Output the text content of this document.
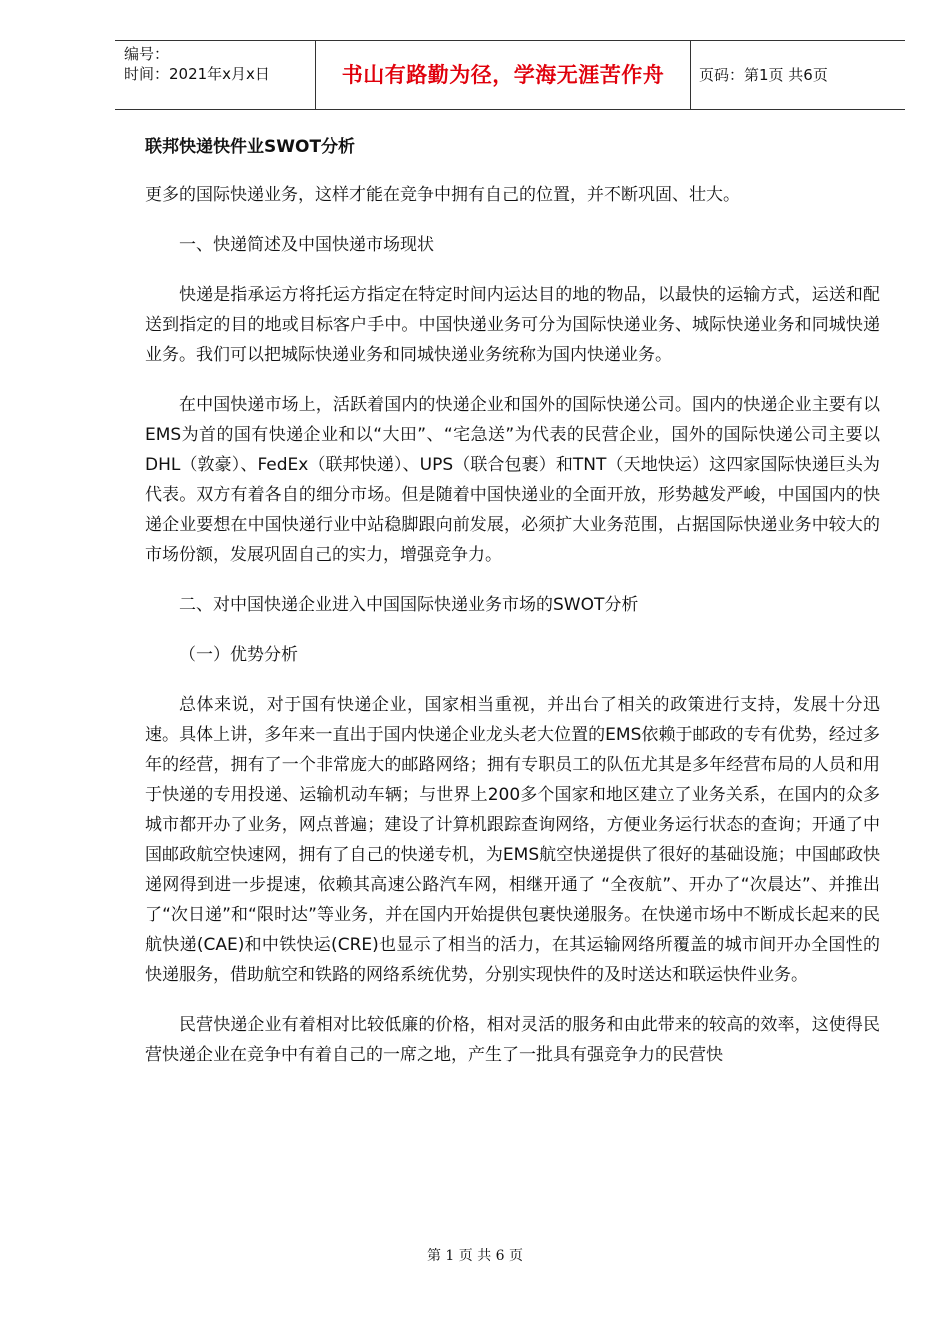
编号：
时间：2021年x月x日	书山有路勤为径，学海无涯苦作舟	页码：第1页 共6页
联邦快递快件业SWOT分析

更多的国际快递业务，这样才能在竞争中拥有自己的位置，并不断巩固、壮大。

一、快递简述及中国快递市场现状

快递是指承运方将托运方指定在特定时间内运达目的地的物品，以最快的运输方式，运送和配送到指定的目的地或目标客户手中。中国快递业务可分为国际快递业务、城际快递业务和同城快递业务。我们可以把城际快递业务和同城快递业务统称为国内快递业务。

在中国快递市场上，活跃着国内的快递企业和国外的国际快递公司。国内的快递企业主要有以EMS为首的国有快递企业和以“大田”、“宅急送”为代表的民营企业，国外的国际快递公司主要以DHL（敦豪）、FedEx（联邦快递）、UPS（联合包裹）和TNT（天地快运）这四家国际快递巨头为代表。双方有着各自的细分市场。但是随着中国快递业的全面开放，形势越发严峻，中国国内的快递企业要想在中国快递行业中站稳脚跟向前发展，必须扩大业务范围，占据国际快递业务中较大的市场份额，发展巩固自己的实力，增强竞争力。

二、对中国快递企业进入中国国际快递业务市场的SWOT分析

（一）优势分析

总体来说，对于国有快递企业，国家相当重视，并出台了相关的政策进行支持，发展十分迅速。具体上讲，多年来一直出于国内快递企业龙头老大位置的EMS依赖于邮政的专有优势，经过多年的经营，拥有了一个非常庞大的邮路网络；拥有专职员工的队伍尤其是多年经营布局的人员和用于快递的专用投递、运输机动车辆；与世界上200多个国家和地区建立了业务关系，在国内的众多城市都开办了业务，网点普遍；建设了计算机跟踪查询网络，方便业务运行状态的查询；开通了中国邮政航空快速网，拥有了自己的快递专机，为EMS航空快递提供了很好的基础设施；中国邮政快递网得到进一步提速，依赖其高速公路汽车网，相继开通了 “全夜航”、开办了“次晨达”、并推出了“次日递”和“限时达”等业务，并在国内开始提供包裹快递服务。在快递市场中不断成长起来的民航快递(CAE)和中铁快运(CRE)也显示了相当的活力，在其运输网络所覆盖的城市间开办全国性的快递服务，借助航空和铁路的网络系统优势，分别实现快件的及时送达和联运快件业务。

民营快递企业有着相对比较低廉的价格，相对灵活的服务和由此带来的较高的效率，这使得民营快递企业在竞争中有着自己的一席之地，产生了一批具有强竞争力的民营快

第 1 页 共 6 页
